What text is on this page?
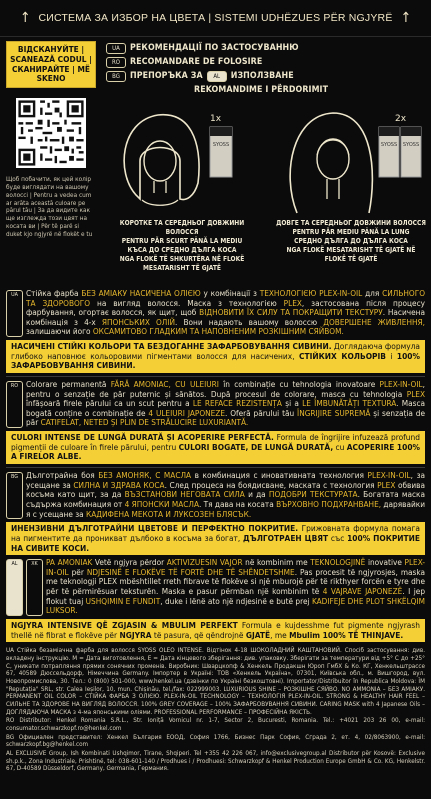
↑ СИСТЕМА ЗА ИЗБОР НА ЦВЕТА | SISTEMI UDHËZUES PËR NGJYRË ↑
ВІДСКАНУЙТЕ | SCANEAZĂ CODUL | СКАНИРАЙТЕ | MË SKENO
Щоб побачити, як цей колір буде виглядати на вашому волоссі | Pentru a vedea cum ar arăta această culoare pe părul tău | За да видите как ще изглежда този цвят на косата ви | Për të parë si duket kjo ngjyrë në flokët e tu
UA	РЕКОМЕНДАЦІЇ ПО ЗАСТОСУВАННЮ
RO	RECOMANDARE DE FOLOSIRE
BG	ПРЕПОРЪКА ЗА	AL	ИЗПОЛЗВАНЕ
REKOMANDIME I PËRDORIMIT
SYOSS
1x
КОРОТКЕ ТА СЕРЕДНЬОГ ДОВЖИНИ ВОЛОССЯ
PENTRU PĂR SCURT PÂNĂ LA MEDIU
КЪСА ДО СРЕДНО ДЪЛГА КОСА
NGA FLOKË TË SHKURTËRA NË FLOKË MESATARISHT TË GJATË
SYOSS SYOSS
2x
ДОВГЕ ТА СЕРЕДНЬОГ ДОВЖИНИ ВОЛОССЯ
PENTRU PĂR MEDIU PÂNĂ LA LUNG
СРЕДНО ДЪЛГА ДО ДЪЛГА КОСА
NGA FLOKË MESATARISHT TË GJATË NË FLOKË TË GJATË
UA Стійка фарба БЕЗ АМІАКУ НАСИЧЕНА ОЛІЄЮ у комбінації з ТЕХНОЛОГІЄЮ PLEX-IN-OIL для СИЛЬНОГО ТА ЗДОРОВОГО на вигляд волосся. Маска з технологією PLEX, застосована після процесу фарбування, огортає волосся, як щит, щоб ВІДНОВИТИ ЇХ СИЛУ ТА ПОКРАЩИТИ ТЕКСТУРУ. Насичена комбінація з 4-х ЯПОНСЬКИХ ОЛІЙ. Вони надають вашому волоссю ДОВЕРШЕНЕ ЖИВЛЕННЯ, залишаючи його ОКСАМИТОВО ГЛАДКИМ ТА НАПОВНЕНИМ РОЗКІШНИМ СЯЙВОМ.

НАСИЧЕНІ СТІЙКІ КОЛЬОРИ ТА БЕЗДОГАННЕ ЗАФАРБОВУВАННЯ СИВИНИ. Доглядаюча формула глибоко наповнює кольоровими пігментами волосся для насичених, СТІЙКИХ КОЛЬОРІВ і 100% ЗАФАРБОВУВАННЯ СИВИНИ.
RO Colorare permanentă FĂRĂ AMONIAC, CU ULEIURI în combinație cu tehnologia inovatoare PLEX-IN-OIL, pentru o senzație de păr puternic și sănătos. După procesul de colorare, masca cu tehnologia PLEX înfășoară firele părului ca un scut pentru a LE REFACE REZISTENȚA și a LE ÎMBUNĂTĂȚI TEXTURA. Masca bogată conține o combinație de 4 ULEIURI JAPONEZE. Oferă părului tău ÎNGRIJIRE SUPREMĂ și senzația de păr CATIFELAT, NETED ȘI PLIN DE STRĂLUCIRE LUXURIANTĂ.

CULORI INTENSE DE LUNGĂ DURATĂ ȘI ACOPERIRE PERFECTĂ. Formula de îngrijire infuzează profund pigmenții de culoare în firele părului, pentru CULORI BOGATE, DE LUNGĂ DURATĂ, cu ACOPERIRE 100% A FIRELOR ALBE.
BG Дълготрайна боя БЕЗ АМОНЯК, С МАСЛА в комбинация с иновативната технология PLEX-IN-OIL, за усещане за СИЛНА И ЗДРАВА КОСА. След процеса на боядисване, маската с технология PLEX обвива косъма като щит, за да ВЪЗСТАНОВИ НЕГОВАТА СИЛА и да ПОДОБРИ ТЕКСТУРАТА. Богатата маска съдържа комбинация от 4 ЯПОНСКИ МАСЛА. Тя дава на косата ВЪРХОВНО ПОДХРАНВАНЕ, дарявайки я с усещане за КАДИФЕНА МЕКОТА И ЛУКСОЗЕН БЛЯСЪК.

ИНЕНЗИВНИ ДЪЛГОТРАЙНИ ЦВЕТОВЕ И ПЕРФЕКТНО ПОКРИТИЕ. Грижовната формула помага на пигментите да проникват дълбоко в косъма за богат, ДЪЛГОТРАЕН ЦВЯТ със 100% ПОКРИТИЕ НА СИВИТЕ КОСИ.
AL	XK	PA AMONIAK Vetë ngjyra përdor AKTIVIZUESIN VAJOR në kombinim me TEKNOLOGJINË inovative PLEX-IN-OIL për NDJESINË E FLOKËVE TË FORTË DHE TË SHËNDETSHME. Pas procesit të ngjyrosjes, maska me teknologji PLEX mbështillet rreth fibrave të flokëve si një mburojë për të rikthyer forcën e tyre dhe për të përmirësuar teksturën. Maska e pasur përmban një kombinim të 4 VAJRAVE JAPONEZË. I jep flokut tuaj USHQIMIN E FUNDIT, duke i lënë ato një ndjesinë e butë prej KADIFEJE DHE PLOT SHKËLQIM LUKSOR.

NGJYRA INTENSIVE QË ZGJASIN & MBULIM PERFEKT Formula e kujdesshme fut pigmente ngjyrash thellë në fibrat e flokëve për NGJYRA të pasura, që qëndrojnë GJATË, me Mbulim 100% TË THINJAVE.

UA Стійка безаміачна фарба для волосся SYOSS OLEO INTENSE. Відтінок 4-18 ШОКОЛАДНИЙ КАШТАНОВИЙ. Спосіб застосування: див. вкладену інструкцію. M = Дата виготовлення, E = Дата кінцевого зберігання: див. упаковку. Зберігати за температури від +5° С до +25° С, уникати потрапляння прямих сонячних променів. Виробник: Шварцкопф & Хенкель Продакшн Юроп ГмбХ & Ко. КГ, Хенкельштрассе 67, 40589 Дюссельдорф, Німеччина Germany. Імпортер в Україні: ТОВ «Хенкель Україна», 07301, Київська обл., м. Вишгород, вул. Новопромислова, 30. Тел.: 0 (800) 501-000, www.henkel.ua (дзвінки по Україні безкоштовні). Importator/Distribuitor în Republica Moldova: ÎM "Reputația" SRL, str. Calea Ieșilor, 10, mun. Chișinău, tel./fax: 022999003. LUXURIOUS SHINE – РОЗКІШНЕ СЯЙВО. NO AMMONIA – БЕЗ АМІАКУ. PERMANENT OIL COLOR – СТІЙКА ФАРБА З ОЛІЄЮ. PLEX-IN-OIL TECHNOLOGY – ТЕХНОЛОГІЯ PLEX-IN-OIL. STRONG & HEALTHY HAIR FEEL – СИЛЬНЕ ТА ЗДОРОВЕ НА ВИГЛЯД ВОЛОССЯ. 100% GREY COVERAGE – 100% ЗАФАРБОВУВАННЯ СИВИНИ. CARING MASK with 4 Japanese Oils – ДОГЛЯДАЮЧА МАСКА з 4-ма японськими оліями. PROFESSIONAL PERFORMANCE – ПРОФЕСІЙНА ЯКІСТЬ.

RO Distributor: Henkel Romania S.R.L., Str. Ioniță Vornicul nr. 1-7, Sector 2, Bucuresti, Romania. Tel.: +4021 203 26 00, e-mail: consumator.schwarzkopf.ro@henkel.com

BG Официален представител: Хенкел България ЕООД, София 1766, Бизнес Парк София, Сграда 2, ет. 4, 02/8063900, e-mail: schwarzkopf.bg@henkel.com

AL EXCLUSIVE Group, Ish Kombinati Ushqimor, Tirane, Shqiperi. Tel +355 42 226 067, info@exclusivegroup.al Distributor për Kosovë: Exclusive sh.p.k., Zona Industriale, Prishtinë, tel: 038-601-140 / Prodhues i / Prodhuesi: Schwarzkopf & Henkel Production Europe GmbH & Co. KG, Henkelstr. 67, D-40589 Düsseldorf, Germany, Germania, Германия.
